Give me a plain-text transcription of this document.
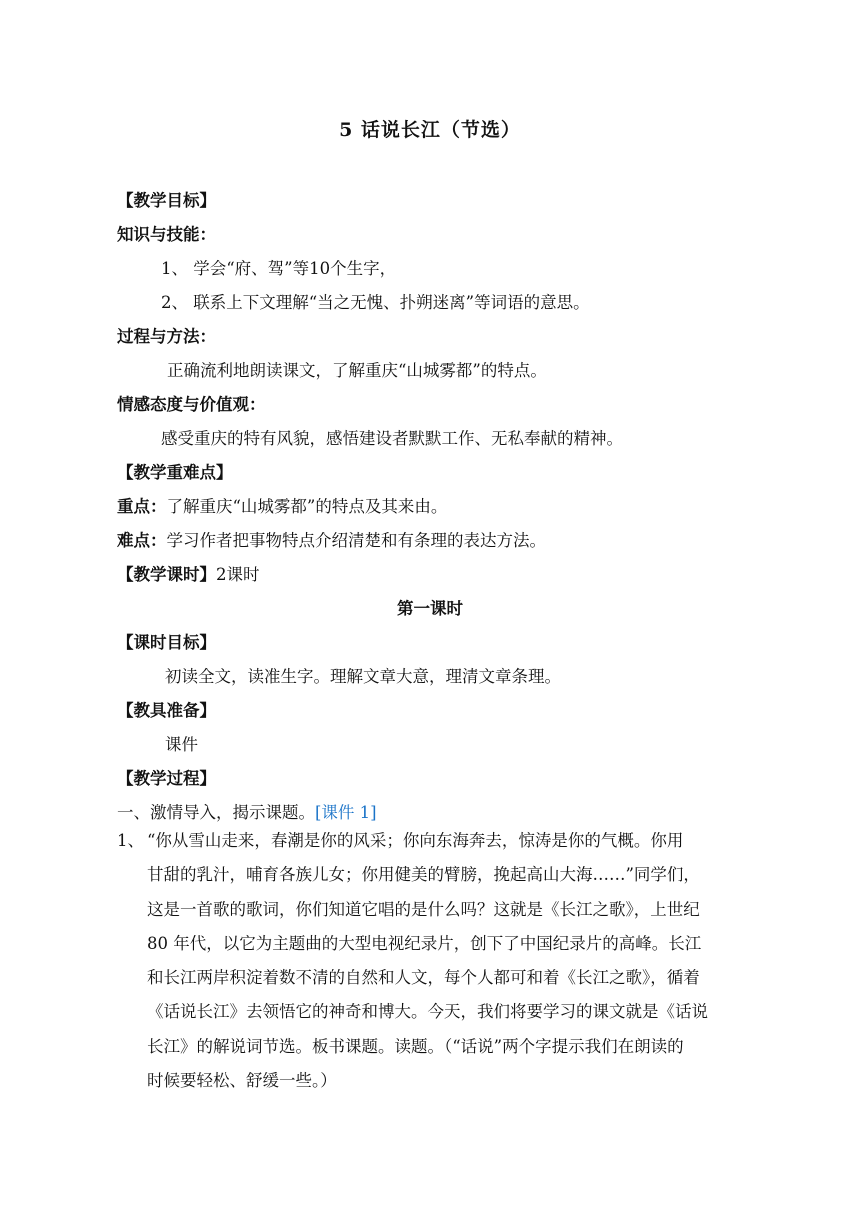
5 话说长江（节选）
【教学目标】
知识与技能：
1、 学会“府、驾”等10个生字，
2、 联系上下文理解“当之无愧、扑朔迷离”等词语的意思。
过程与方法：
正确流利地朗读课文，了解重庆“山城雾都”的特点。
情感态度与价值观：
感受重庆的特有风貌，感悟建设者默默工作、无私奉献的精神。
【教学重难点】
重点：了解重庆“山城雾都”的特点及其来由。
难点：学习作者把事物特点介绍清楚和有条理的表达方法。
【教学课时】2课时
第一课时
【课时目标】
初读全文，读准生字。理解文章大意，理清文章条理。
【教具准备】
课件
【教学过程】
一、激情导入，揭示课题。[课件 1]
1、 “你从雪山走来，春潮是你的风采；你向东海奔去，惊涛是你的气概。你用
甘甜的乳汁，哺育各族儿女；你用健美的臂膀，挽起高山大海……”同学们，
这是一首歌的歌词，你们知道它唱的是什么吗？这就是《长江之歌》，上世纪
80 年代，以它为主题曲的大型电视纪录片，创下了中国纪录片的高峰。长江
和长江两岸积淀着数不清的自然和人文，每个人都可和着《长江之歌》，循着
《话说长江》去领悟它的神奇和博大。今天，我们将要学习的课文就是《话说
长江》的解说词节选。板书课题。读题。（“话说”两个字提示我们在朗读的
时候要轻松、舒缓一些。）
